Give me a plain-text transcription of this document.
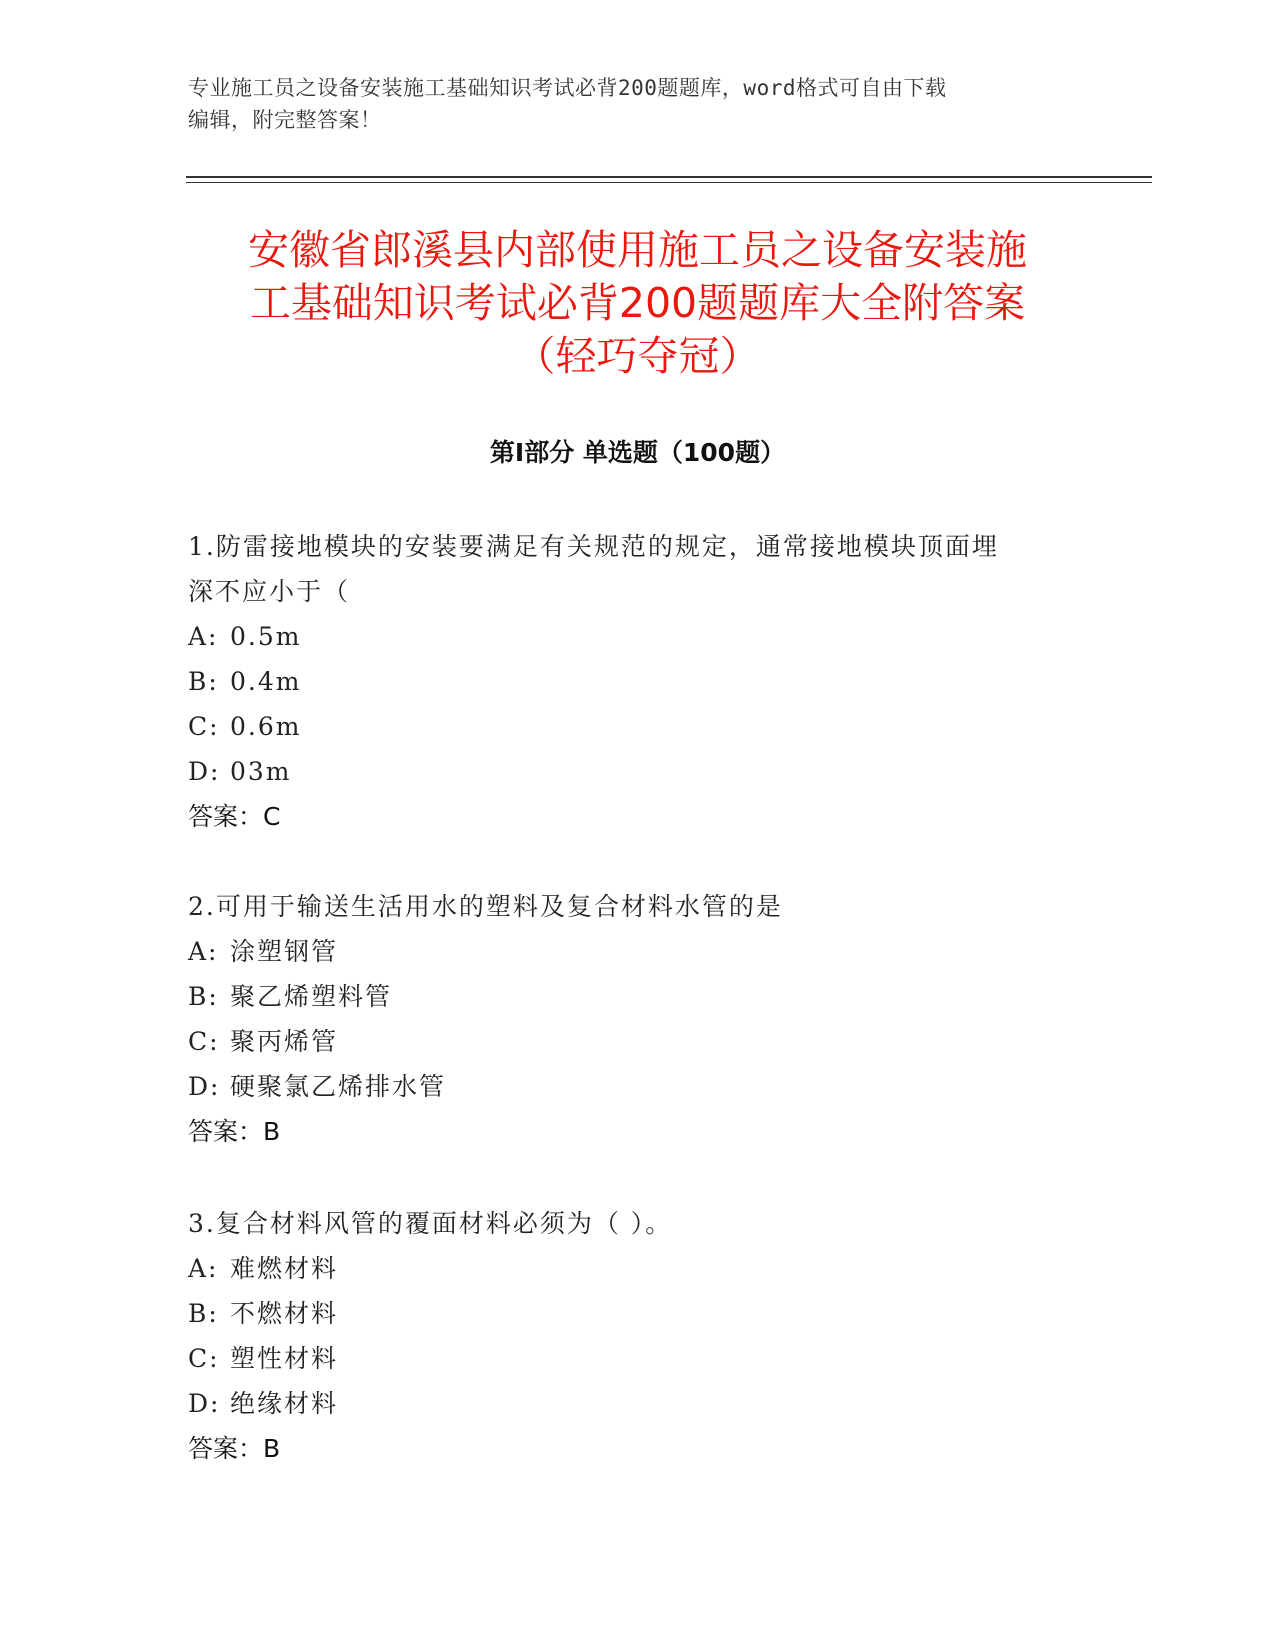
专业施工员之设备安装施工基础知识考试必背200题题库，word格式可自由下载
编辑，附完整答案！
安徽省郎溪县内部使用施工员之设备安装施
工基础知识考试必背200题题库大全附答案
（轻巧夺冠）
第Ⅰ部分 单选题（100题）
1.防雷接地模块的安装要满足有关规范的规定，通常接地模块顶面埋
深不应小于（
A: 0.5m
B: 0.4m
C: 0.6m
D: 03m
答案：C
2.可用于输送生活用水的塑料及复合材料水管的是
A: 涂塑钢管
B: 聚乙烯塑料管
C: 聚丙烯管
D: 硬聚氯乙烯排水管
答案：B
3.复合材料风管的覆面材料必须为（ ）。
A: 难燃材料
B: 不燃材料
C: 塑性材料
D: 绝缘材料
答案：B
